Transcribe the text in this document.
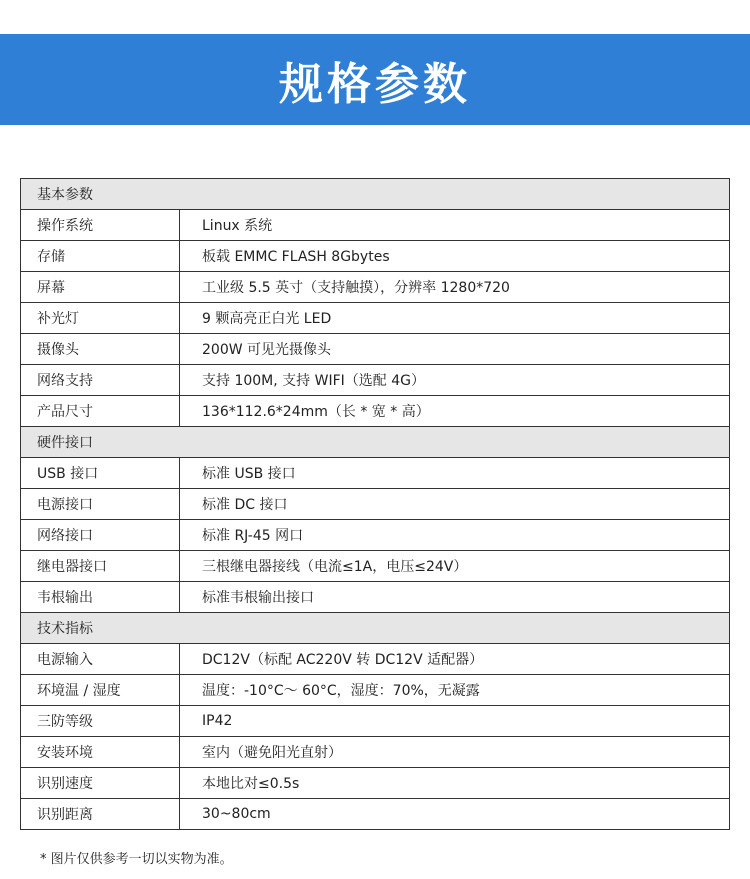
规格参数
基本参数	
操作系统	Linux 系统
存储	板载 EMMC FLASH 8Gbytes
屏幕	工业级 5.5 英寸（支持触摸），分辨率 1280*720
补光灯	9 颗高亮正白光 LED
摄像头	200W 可见光摄像头
网络支持	支持 100M, 支持 WIFI（选配 4G）
产品尺寸	136*112.6*24mm（长 * 宽 * 高）
硬件接口	
USB 接口	标准 USB 接口
电源接口	标准 DC 接口
网络接口	标准 RJ-45 网口
继电器接口	三根继电器接线（电流≤1A，电压≤24V）
韦根输出	标准韦根输出接口
技术指标	
电源输入	DC12V（标配 AC220V 转 DC12V 适配器）
环境温 / 湿度	温度：-10°C～ 60°C，湿度：70%，无凝露
三防等级	IP42
安装环境	室内（避免阳光直射）
识别速度	本地比对≤0.5s
识别距离	30~80cm
* 图片仅供参考一切以实物为准。
